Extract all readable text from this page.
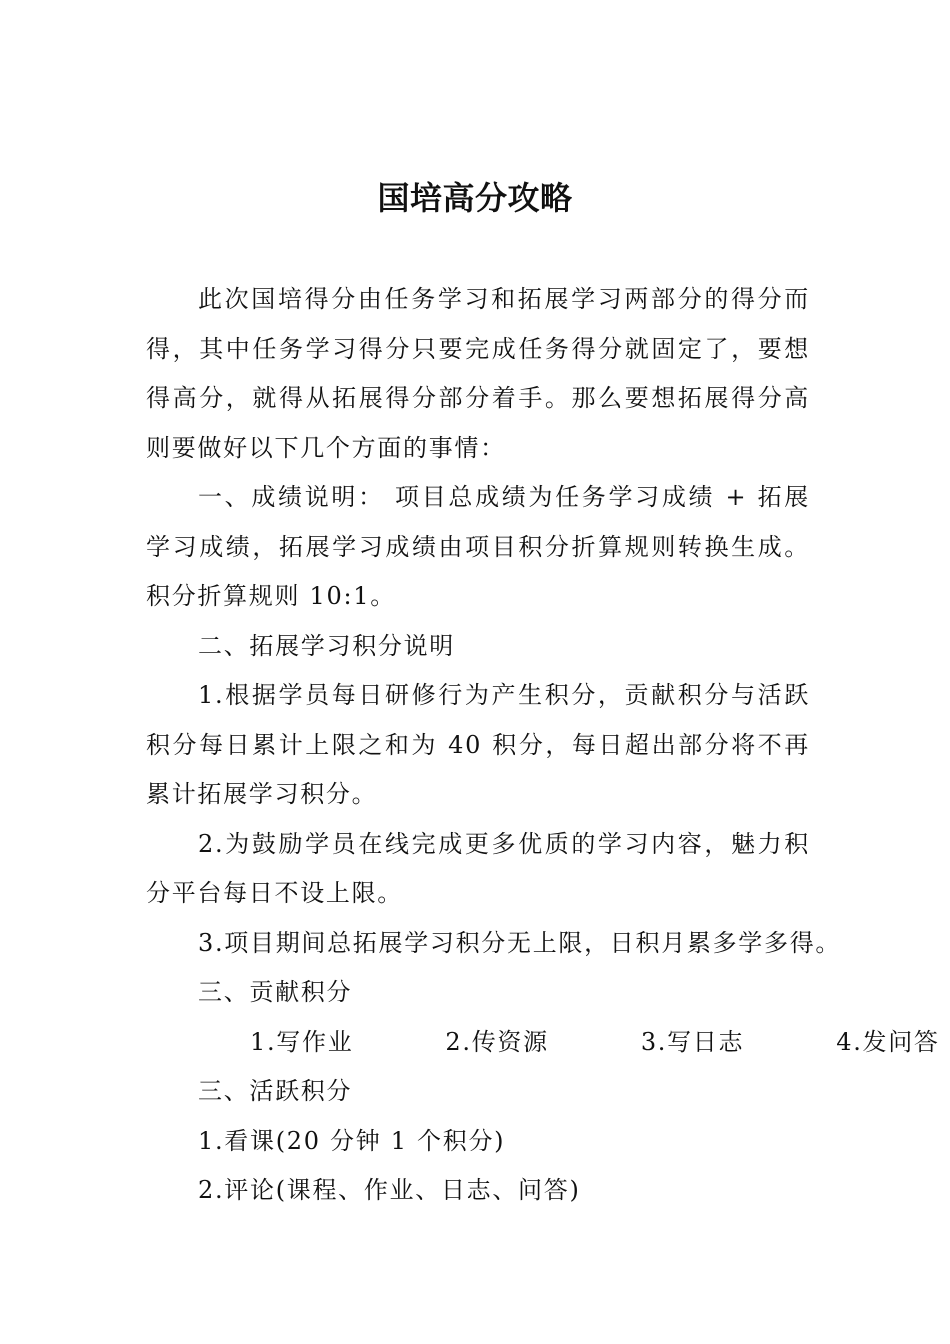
国培高分攻略

此次国培得分由任务学习和拓展学习两部分的得分而得，其中任务学习得分只要完成任务得分就固定了，要想得高分，就得从拓展得分部分着手。那么要想拓展得分高则要做好以下几个方面的事情：

一、成绩说明： 项目总成绩为任务学习成绩 + 拓展学习成绩，拓展学习成绩由项目积分折算规则转换生成。积分折算规则 10:1。

二、拓展学习积分说明

1.根据学员每日研修行为产生积分，贡献积分与活跃积分每日累计上限之和为 40 积分，每日超出部分将不再累计拓展学习积分。

2.为鼓励学员在线完成更多优质的学习内容，魅力积分平台每日不设上限。

3.项目期间总拓展学习积分无上限，日积月累多学多得。

三、贡献积分

1.写作业	2.传资源	3.写日志	4.发问答

三、活跃积分

1.看课(20 分钟 1 个积分)

2.评论(课程、作业、日志、问答)
